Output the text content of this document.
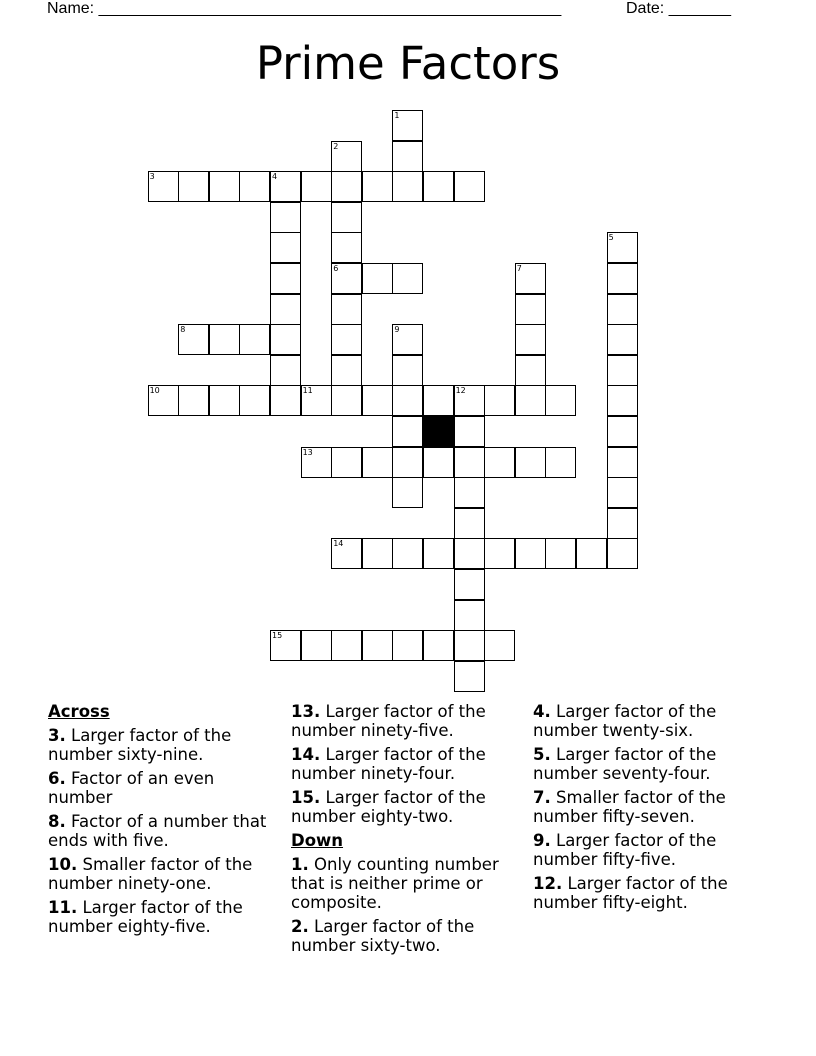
Name: ____________________________________________________	Date: _______
Prime Factors
1
2
3	4
5
6	7
8	9
10	11	12
13
14
15
Across
3. Larger factor of the number sixty-nine.
6. Factor of an even number
8. Factor of a number that ends with five.
10. Smaller factor of the number ninety-one.
11. Larger factor of the number eighty-five.
13. Larger factor of the number ninety-five.
14. Larger factor of the number ninety-four.
15. Larger factor of the number eighty-two.
Down
1. Only counting number that is neither prime or composite.
2. Larger factor of the number sixty-two.
4. Larger factor of the number twenty-six.
5. Larger factor of the number seventy-four.
7. Smaller factor of the number fifty-seven.
9. Larger factor of the number fifty-five.
12. Larger factor of the number fifty-eight.
